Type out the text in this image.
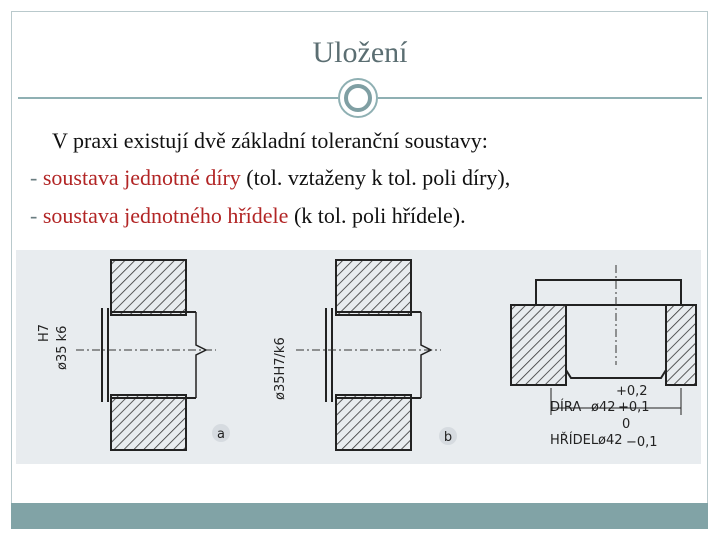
Uložení
V praxi existují dvě základní toleranční soustavy:
- soustava jednotné díry (tol. vztaženy k tol. poli díry),
- soustava jednotného hřídele (k tol. poli hřídele).
H7 ø35 k6
a
ø35H7/k6
b
+0,2
DÍRA ø42 +0,1
0
HŘÍDEL ø42 −0,1
